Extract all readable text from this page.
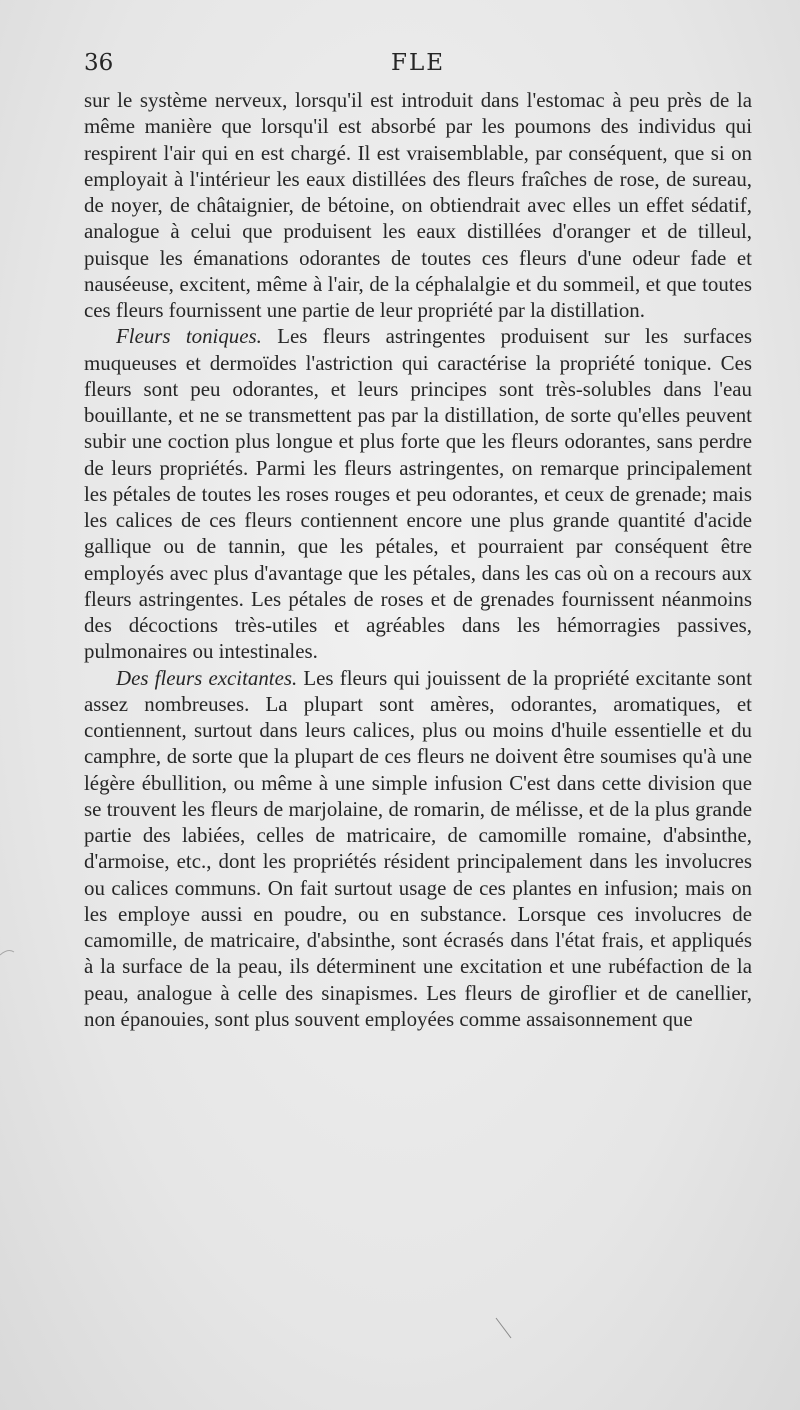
36	FLE

sur le système nerveux, lorsqu'il est introduit dans l'estomac à peu près de la même manière que lorsqu'il est absorbé par les poumons des individus qui respirent l'air qui en est chargé. Il est vraisemblable, par conséquent, que si on employait à l'intérieur les eaux distillées des fleurs fraîches de rose, de sureau, de noyer, de châtaignier, de bétoine, on obtiendrait avec elles un effet sédatif, analogue à celui que produisent les eaux distillées d'oranger et de tilleul, puisque les émanations odorantes de toutes ces fleurs d'une odeur fade et nauséeuse, excitent, même à l'air, de la céphalalgie et du sommeil, et que toutes ces fleurs fournissent une partie de leur propriété par la distillation.

Fleurs toniques. Les fleurs astringentes produisent sur les surfaces muqueuses et dermoïdes l'astriction qui caractérise la propriété tonique. Ces fleurs sont peu odorantes, et leurs principes sont très-solubles dans l'eau bouillante, et ne se transmettent pas par la distillation, de sorte qu'elles peuvent subir une coction plus longue et plus forte que les fleurs odorantes, sans perdre de leurs propriétés. Parmi les fleurs astringentes, on remarque principalement les pétales de toutes les roses rouges et peu odorantes, et ceux de grenade; mais les calices de ces fleurs contiennent encore une plus grande quantité d'acide gallique ou de tannin, que les pétales, et pourraient par conséquent être employés avec plus d'avantage que les pétales, dans les cas où on a recours aux fleurs astringentes. Les pétales de roses et de grenades fournissent néanmoins des décoctions très-utiles et agréables dans les hémorragies passives, pulmonaires ou intestinales.

Des fleurs excitantes. Les fleurs qui jouissent de la propriété excitante sont assez nombreuses. La plupart sont amères, odorantes, aromatiques, et contiennent, surtout dans leurs calices, plus ou moins d'huile essentielle et du camphre, de sorte que la plupart de ces fleurs ne doivent être soumises qu'à une légère ébullition, ou même à une simple infusion C'est dans cette division que se trouvent les fleurs de marjolaine, de romarin, de mélisse, et de la plus grande partie des labiées, celles de matricaire, de camomille romaine, d'absinthe, d'armoise, etc., dont les propriétés résident principalement dans les involucres ou calices communs. On fait surtout usage de ces plantes en infusion; mais on les employe aussi en poudre, ou en substance. Lorsque ces involucres de camomille, de matricaire, d'absinthe, sont écrasés dans l'état frais, et appliqués à la surface de la peau, ils déterminent une excitation et une rubéfaction de la peau, analogue à celle des sinapismes. Les fleurs de giroflier et de canellier, non épanouies, sont plus souvent employées comme assaisonnement que
